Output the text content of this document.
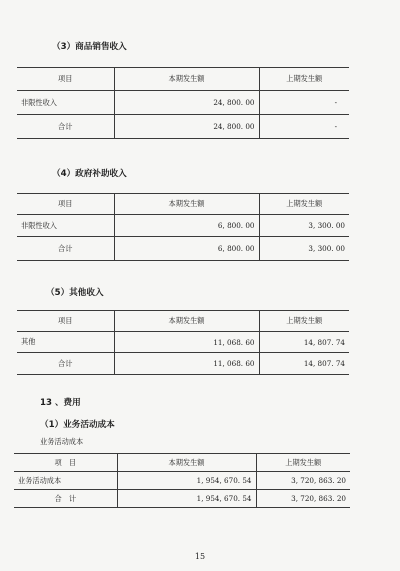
（3）商品销售收入
项目	本期发生额	上期发生额
非限性收入	24, 800. 00	-
合计	24, 800. 00	-
（4）政府补助收入
项目	本期发生额	上期发生额
非限性收入	6, 800. 00	3, 300. 00
合计	6, 800. 00	3, 300. 00
（5）其他收入
项目	本期发生额	上期发生额
其他	11, 068. 60	14, 807. 74
合计	11, 068. 60	14, 807. 74
13 、费用
（1）业务活动成本
业务活动成本
项　目	本期发生额	上期发生额
业务活动成本	1, 954, 670. 54	3, 720, 863. 20
合　计	1, 954, 670. 54	3, 720, 863. 20
15
